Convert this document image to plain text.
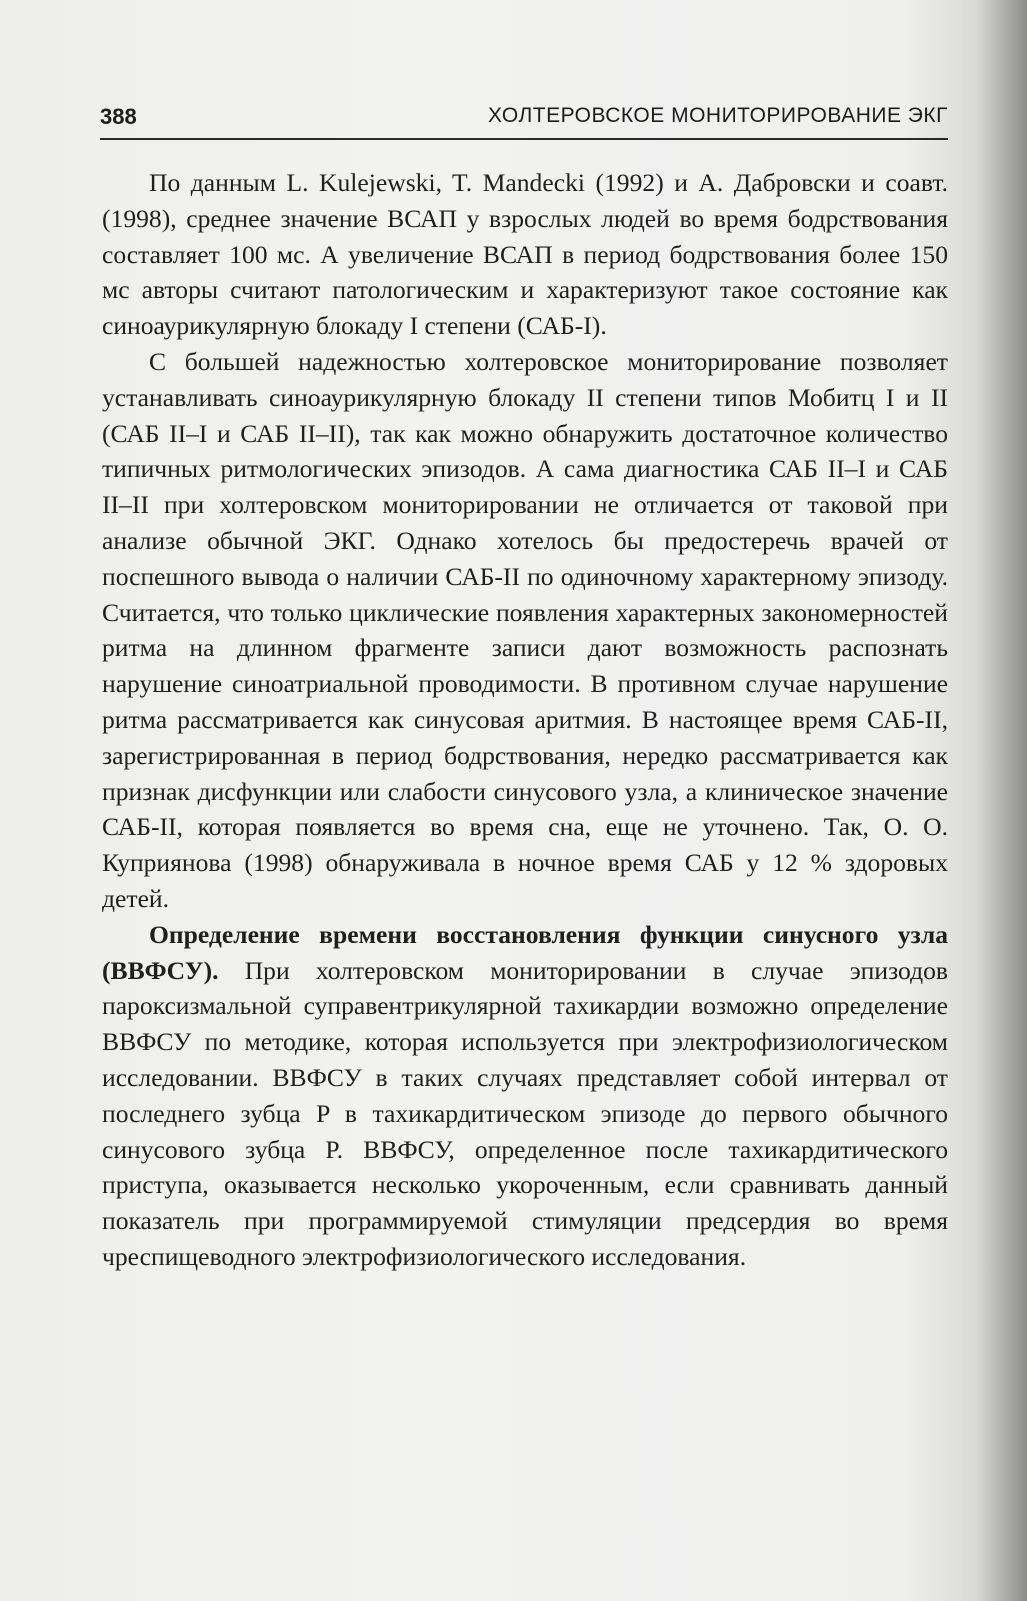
388	ХОЛТЕРОВСКОЕ МОНИТОРИРОВАНИЕ ЭКГ

По данным L. Kulejewski, T. Mandecki (1992) и А. Дабровски и соавт. (1998), среднее значение ВСАП у взрослых людей во время бодрствования составляет 100 мс. А увеличение ВСАП в период бодрствования более 150 мс авторы считают патологическим и характеризуют такое состояние как синоаурикулярную блокаду I степени (САБ-I).

С большей надежностью холтеровское мониторирование позволяет устанавливать синоаурикулярную блокаду II степени типов Мобитц I и II (САБ II–I и САБ II–II), так как можно обнаружить достаточное количество типичных ритмологических эпизодов. А сама диагностика САБ II–I и САБ II–II при холтеровском мониторировании не отличается от таковой при анализе обычной ЭКГ. Однако хотелось бы предостеречь врачей от поспешного вывода о наличии САБ-II по одиночному характерному эпизоду. Считается, что только циклические появления характерных закономерностей ритма на длинном фрагменте записи дают возможность распознать нарушение синоатриальной проводимости. В противном случае нарушение ритма рассматривается как синусовая аритмия. В настоящее время САБ-II, зарегистрированная в период бодрствования, нередко рассматривается как признак дисфункции или слабости синусового узла, а клиническое значение САБ-II, которая появляется во время сна, еще не уточнено. Так, О. О. Куприянова (1998) обнаруживала в ночное время САБ у 12 % здоровых детей.

Определение времени восстановления функции синусного узла (ВВФСУ). При холтеровском мониторировании в случае эпизодов пароксизмальной суправентрикулярной тахикардии возможно определение ВВФСУ по методике, которая используется при электрофизиологическом исследовании. ВВФСУ в таких случаях представляет собой интервал от последнего зубца P в тахикардитическом эпизоде до первого обычного синусового зубца P. ВВФСУ, определенное после тахикардитического приступа, оказывается несколько укороченным, если сравнивать данный показатель при программируемой стимуляции предсердия во время чреспищеводного электрофизиологического исследования.
